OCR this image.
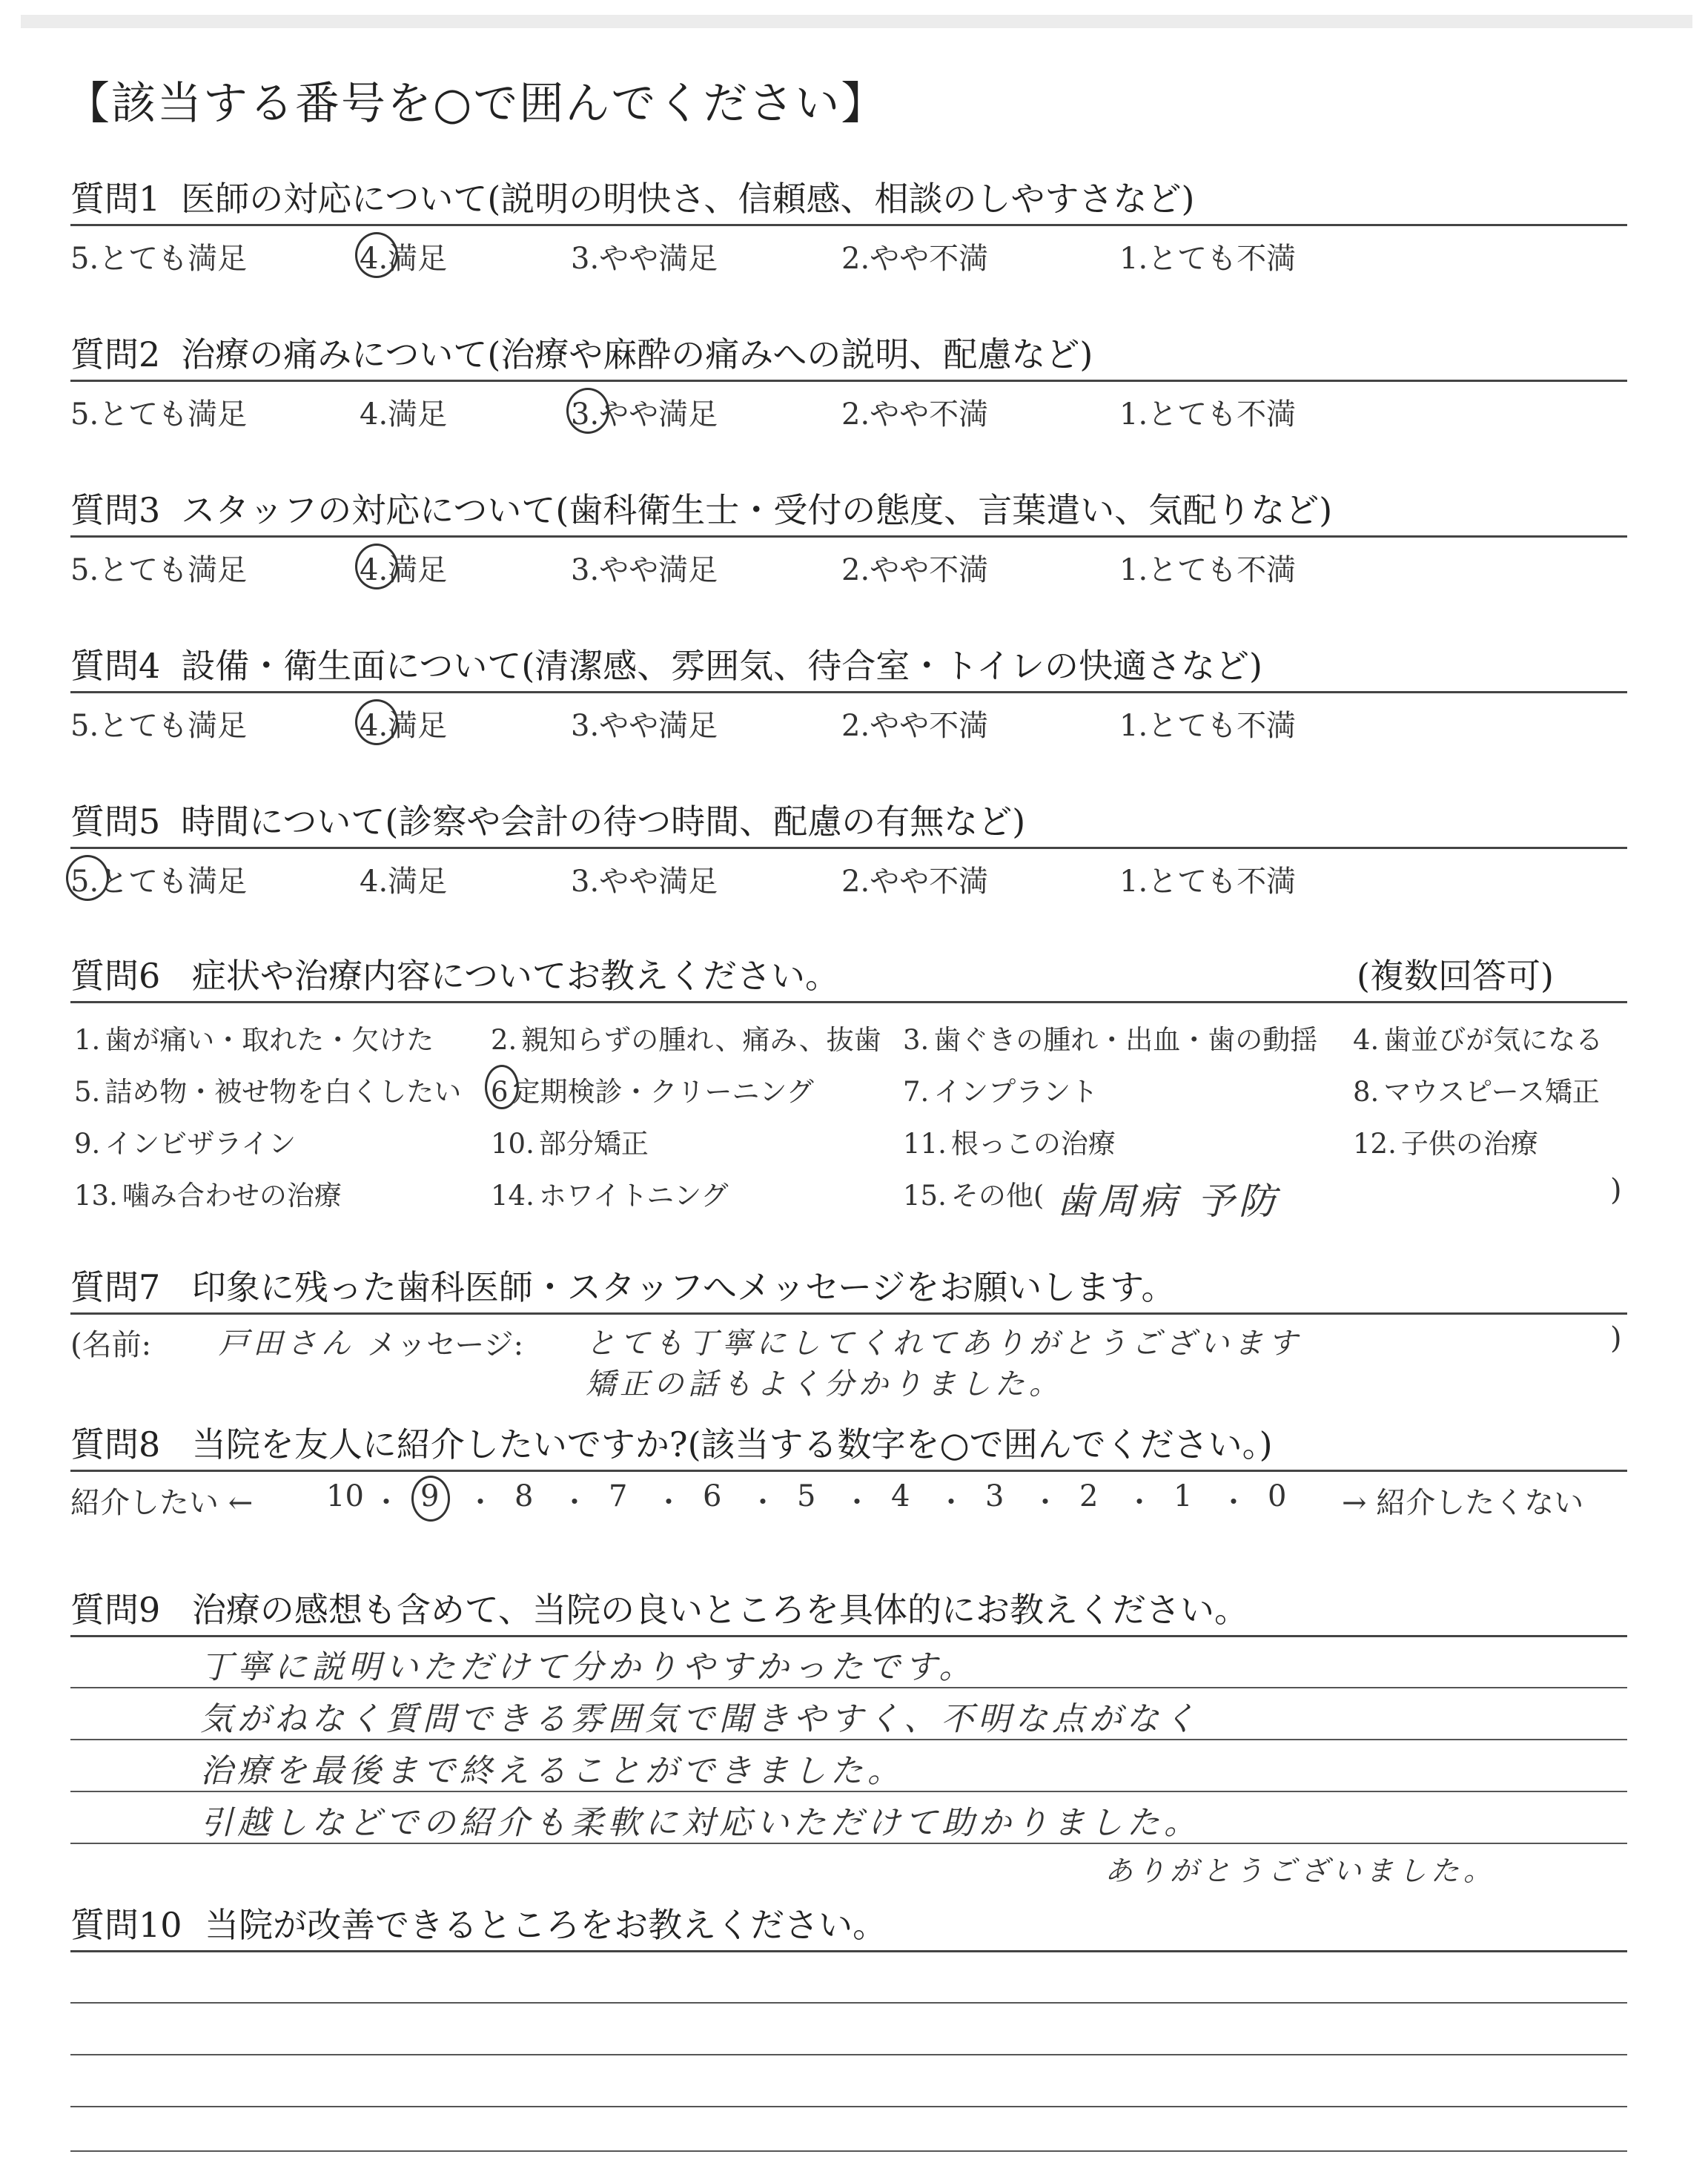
【該当する番号を○で囲んでください】
質問1 医師の対応について(説明の明快さ、信頼感、相談のしやすさなど)
5.とても満足	4.満足	3.やや満足	2.やや不満	1.とても不満
質問2 治療の痛みについて(治療や麻酔の痛みへの説明、配慮など)
5.とても満足	4.満足	3.やや満足	2.やや不満	1.とても不満
質問3 スタッフの対応について(歯科衛生士・受付の態度、言葉遣い、気配りなど)
5.とても満足	4.満足	3.やや満足	2.やや不満	1.とても不満
質問4 設備・衛生面について(清潔感、雰囲気、待合室・トイレの快適さなど)
5.とても満足	4.満足	3.やや満足	2.やや不満	1.とても不満
質問5 時間について(診察や会計の待つ時間、配慮の有無など)
5.とても満足	4.満足	3.やや満足	2.やや不満	1.とても不満
質問6 症状や治療内容についてお教えください。	(複数回答可)
1. 歯が痛い・取れた・欠けた 2. 親知らずの腫れ、痛み、抜歯 3. 歯ぐきの腫れ・出血・歯の動揺 4. 歯並びが気になる
5. 詰め物・被せ物を白くしたい 6 定期検診・クリーニング	7. インプラント	8. マウスピース矯正
9. インビザライン	10. 部分矯正	11. 根っこの治療	12. 子供の治療
13. 噛み合わせの治療	14. ホワイトニング	15. その他( 歯周病 予防	)
質問7 印象に残った歯科医師・スタッフへメッセージをお願いします。
(名前: 戸田さん メッセージ: とても丁寧にしてくれてありがとうございます
矯正の話もよく分かりました。
)
質問8 当院を友人に紹介したいですか?(該当する数字を○で囲んでください。)
紹介したい ← 10 ・ 9 ・ 8 ・ 7 ・ 6 ・ 5 ・ 4 ・ 3 ・ 2 ・ 1 ・ 0 → 紹介したくない
質問9 治療の感想も含めて、当院の良いところを具体的にお教えください。
丁寧に説明いただけて分かりやすかったです。
気がねなく質問できる雰囲気で聞きやすく、不明な点がなく
治療を最後まで終えることができました。
引越しなどでの紹介も柔軟に対応いただけて助かりました。
ありがとうございました。
質問10 当院が改善できるところをお教えください。
